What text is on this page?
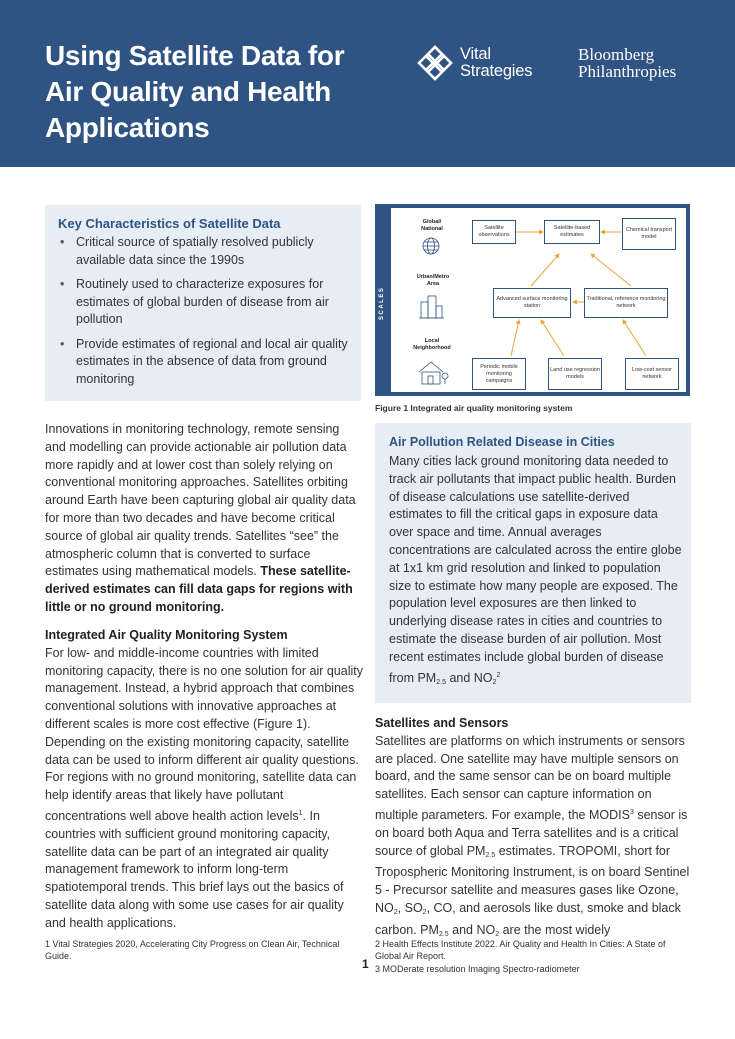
Using Satellite Data for Air Quality and Health Applications
Vital
Strategies
Bloomberg
Philanthropies
Key Characteristics of Satellite Data
• Critical source of spatially resolved publicly available data since the 1990s
• Routinely used to characterize exposures for estimates of global burden of disease from air pollution
• Provide estimates of regional and local air quality estimates in the absence of data from ground monitoring
SCALES
Global/ National
Urban/Metro Area
Local Neighborhood
Satellite observations
Satellite-based estimates
Chemical transport model
Advanced surface monitoring station
Traditional, reference monitoring network
Periodic mobile monitoring campaigns
Land use regression models
Low-cost sensor network
Figure 1 Integrated air quality monitoring system
Innovations in monitoring technology, remote sensing and modelling can provide actionable air pollution data more rapidly and at lower cost than solely relying on conventional monitoring approaches. Satellites orbiting around Earth have been capturing global air quality data for more than two decades and have become critical source of global air quality trends. Satellites “see” the atmospheric column that is converted to surface estimates using mathematical models. These satellite-derived estimates can fill data gaps for regions with little or no ground monitoring.
Integrated Air Quality Monitoring System
For low- and middle-income countries with limited monitoring capacity, there is no one solution for air quality management. Instead, a hybrid approach that combines conventional solutions with innovative approaches at different scales is more cost effective (Figure 1). Depending on the existing monitoring capacity, satellite data can be used to inform different air quality questions. For regions with no ground monitoring, satellite data can help identify areas that likely have pollutant concentrations well above health action levels$^1$. In countries with sufficient ground monitoring capacity, satellite data can be part of an integrated air quality management framework to inform long-term spatiotemporal trends. This brief lays out the basics of satellite data along with some use cases for air quality and health applications.
Air Pollution Related Disease in Cities
Many cities lack ground monitoring data needed to track air pollutants that impact public health. Burden of disease calculations use satellite-derived estimates to fill the critical gaps in exposure data over space and time. Annual averages concentrations are calculated across the entire globe at 1x1 km grid resolution and linked to population size to estimate how many people are exposed. The population level exposures are then linked to underlying disease rates in cities and countries to estimate the disease burden of air pollution. Most recent estimates include global burden of disease from $PM_{2.5}$ and $NO_2^2$
Satellites and Sensors
Satellites are platforms on which instruments or sensors are placed. One satellite may have multiple sensors on board, and the same sensor can be on board multiple satellites. Each sensor can capture information on multiple parameters. For example, the MODIS$^3$ sensor is on board both Aqua and Terra satellites and is a critical source of global $PM_{2.5}$ estimates. TROPOMI, short for Tropospheric Monitoring Instrument, is on board Sentinel 5 - Precursor satellite and measures gases like Ozone, $NO_2$, $SO_2$, CO, and aerosols like dust, smoke and black carbon. $PM_{2.5}$ and $NO_2$ are the most widely
1 Vital Strategies 2020, Accelerating City Progress on Clean Air, Technical Guide.
2 Health Effects Institute 2022. Air Quality and Health In Cities: A State of Global Air Report.
3 MODerate resolution Imaging Spectro-radiometer
1
